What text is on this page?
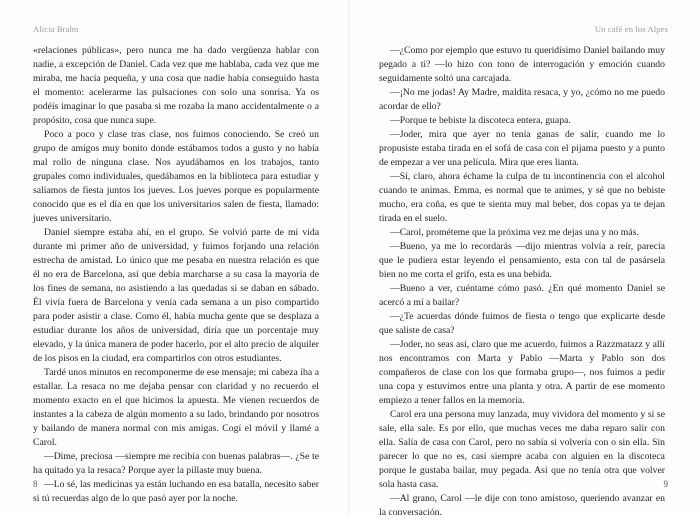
Alicia Brahn

«relaciones públicas», pero nunca me ha dado vergüenza hablar con nadie, a excepción de Daniel. Cada vez que me hablaba, cada vez que me miraba, me hacía pequeña, y una cosa que nadie había conseguido hasta el momento: acelerarme las pulsaciones con solo una sonrisa. Ya os podéis imaginar lo que pasaba si me rozaba la mano accidentalmente o a propósito, cosa que nunca supe.

Poco a poco y clase tras clase, nos fuimos conociendo. Se creó un grupo de amigos muy bonito donde estábamos todos a gusto y no había mal rollo de ninguna clase. Nos ayudábamos en los trabajos, tanto grupales como individuales, quedábamos en la biblioteca para estudiar y salíamos de fiesta juntos los jueves. Los jueves porque es popularmente conocido que es el día en que los universitarios salen de fiesta, llamado: jueves universitario.

Daniel siempre estaba ahí, en el grupo. Se volvió parte de mi vida durante mi primer año de universidad, y fuimos forjando una relación estrecha de amistad. Lo único que me pesaba en nuestra relación es que él no era de Barcelona, así que debía marcharse a su casa la mayoría de los fines de semana, no asistiendo a las quedadas si se daban en sábado. Él vivía fuera de Barcelona y venía cada semana a un piso compartido para poder asistir a clase. Como él, había mucha gente que se desplaza a estudiar durante los años de universidad, diría que un porcentaje muy elevado, y la única manera de poder hacerlo, por el alto precio de alquiler de los pisos en la ciudad, era compartirlos con otros estudiantes.

Tardé unos minutos en recomponerme de ese mensaje; mi cabeza iba a estallar. La resaca no me dejaba pensar con claridad y no recuerdo el momento exacto en el que hicimos la apuesta. Me vienen recuerdos de instantes a la cabeza de algún momento a su lado, brindando por nosotros y bailando de manera normal con mis amigas. Cogí el móvil y llamé a Carol.

—Dime, preciosa —siempre me recibía con buenas palabras—. ¿Se te ha quitado ya la resaca? Porque ayer la pillaste muy buena.

—Lo sé, las medicinas ya están luchando en esa batalla, necesito saber si tú recuerdas algo de lo que pasó ayer por la noche.

8
Un café en los Alpes

—¿Como por ejemplo que estuvo tu queridísimo Daniel bailando muy pegado a ti? —lo hizo con tono de interrogación y emoción cuando seguidamente soltó una carcajada.

—¡No me jodas! Ay Madre, maldita resaca, y yo, ¿cómo no me puedo acordar de ello?

—Porque te bebiste la discoteca entera, guapa.

—Joder, mira que ayer no tenía ganas de salir, cuando me lo propusiste estaba tirada en el sofá de casa con el pijama puesto y a punto de empezar a ver una película. Mira que eres lianta.

—Sí, claro, ahora échame la culpa de tu incontinencia con el alcohol cuando te animas. Emma, es normal que te animes, y sé que no bebiste mucho, era coña, es que te sienta muy mal beber, dos copas ya te dejan tirada en el suelo.

—Carol, prométeme que la próxima vez me dejas una y no más.

—Bueno, ya me lo recordarás —dijo mientras volvía a reír, parecía que le pudiera estar leyendo el pensamiento, esta con tal de pasársela bien no me corta el grifo, esta es una bebida.

—Bueno a ver, cuéntame cómo pasó. ¿En qué momento Daniel se acercó a mí a bailar?

—¿Te acuerdas dónde fuimos de fiesta o tengo que explicarte desde que saliste de casa?

—Joder, no seas así, claro que me acuerdo, fuimos a Razzmatazz y allí nos encontramos con Marta y Pablo —Marta y Pablo son dos compañeros de clase con los que formaba grupo—, nos fuimos a pedir una copa y estuvimos entre una planta y otra. A partir de ese momento empiezo a tener fallos en la memoria.

Carol era una persona muy lanzada, muy vividora del momento y si se sale, ella sale. Es por ello, que muchas veces me daba reparo salir con ella. Salía de casa con Carol, pero no sabía si volvería con o sin ella. Sin parecer lo que no es, casi siempre acaba con alguien en la discoteca porque le gustaba bailar, muy pegada. Así que no tenía otra que volver sola hasta casa.

—Al grano, Carol —le dije con tono amistoso, queriendo avanzar en la conversación.

9
